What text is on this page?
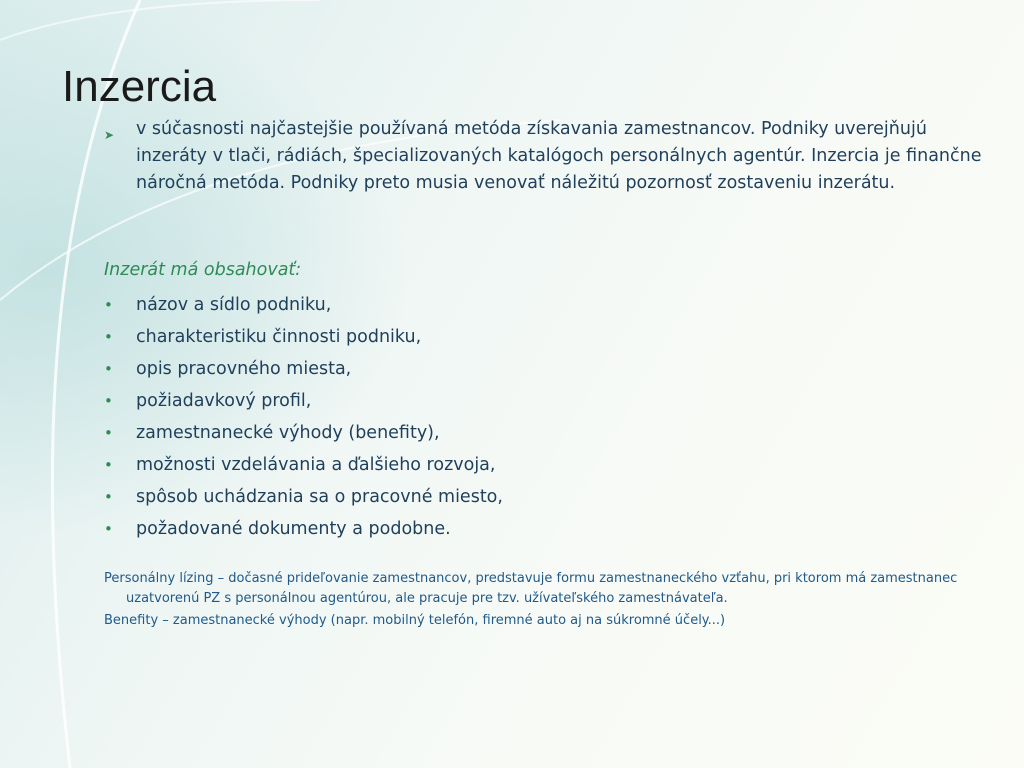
Inzercia
➤ v súčasnosti najčastejšie používaná metóda získavania zamestnancov. Podniky uverejňujú inzeráty v tlači, rádiách, špecializovaných katalógoch personálnych agentúr. Inzercia je finančne náročná metóda. Podniky preto musia venovať náležitú pozornosť zostaveniu inzerátu.

Inzerát má obsahovať:

• názov a sídlo podniku,
• charakteristiku činnosti podniku,
• opis pracovného miesta,
• požiadavkový profil,
• zamestnanecké výhody (benefity),
• možnosti vzdelávania a ďalšieho rozvoja,
• spôsob uchádzania sa o pracovné miesto,
• požadované dokumenty a podobne.

Personálny lízing – dočasné prideľovanie zamestnancov, predstavuje formu zamestnaneckého vzťahu, pri ktorom má zamestnanec uzatvorenú PZ s personálnou agentúrou, ale pracuje pre tzv. užívateľského zamestnávateľa.

Benefity – zamestnanecké výhody (napr. mobilný telefón, firemné auto aj na súkromné účely...)
